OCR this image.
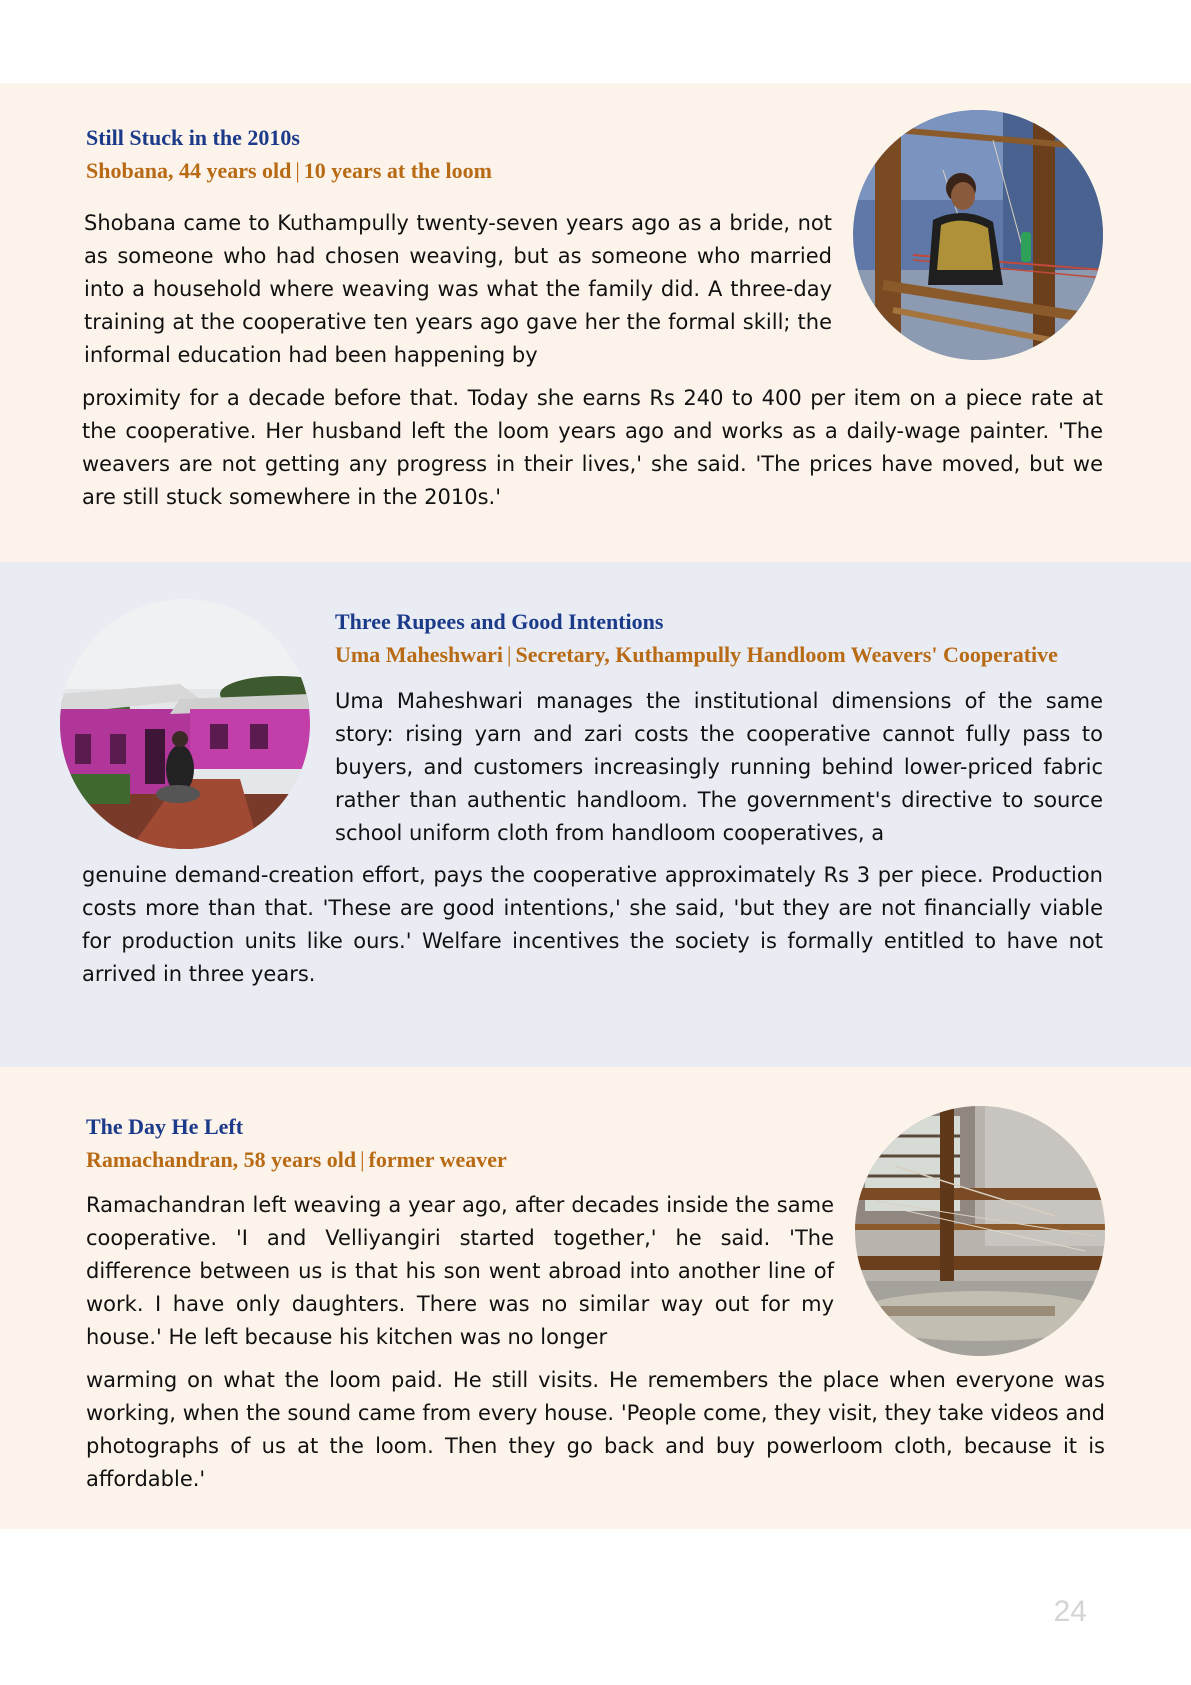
Still Stuck in the 2010s
Shobana, 44 years old | 10 years at the loom

Shobana came to Kuthampully twenty-seven years ago as a bride, not as someone who had chosen weaving, but as someone who married into a household where weaving was what the family did. A three-day training at the cooperative ten years ago gave her the formal skill; the informal education had been happening by

proximity for a decade before that. Today she earns Rs 240 to 400 per item on a piece rate at the cooperative. Her husband left the loom years ago and works as a daily-wage painter. 'The weavers are not getting any progress in their lives,' she said. 'The prices have moved, but we are still stuck somewhere in the 2010s.'

Three Rupees and Good Intentions
Uma Maheshwari | Secretary, Kuthampully Handloom Weavers' Cooperative

Uma Maheshwari manages the institutional dimensions of the same story: rising yarn and zari costs the cooperative cannot fully pass to buyers, and customers increasingly running behind lower-priced fabric rather than authentic handloom. The government's directive to source school uniform cloth from handloom cooperatives, a

genuine demand-creation effort, pays the cooperative approximately Rs 3 per piece. Production costs more than that. 'These are good intentions,' she said, 'but they are not financially viable for production units like ours.' Welfare incentives the society is formally entitled to have not arrived in three years.

The Day He Left
Ramachandran, 58 years old | former weaver

Ramachandran left weaving a year ago, after decades inside the same cooperative. 'I and Velliyangiri started together,' he said. 'The difference between us is that his son went abroad into another line of work. I have only daughters. There was no similar way out for my house.' He left because his kitchen was no longer

warming on what the loom paid. He still visits. He remembers the place when everyone was working, when the sound came from every house. 'People come, they visit, they take videos and photographs of us at the loom. Then they go back and buy powerloom cloth, because it is affordable.'

24
